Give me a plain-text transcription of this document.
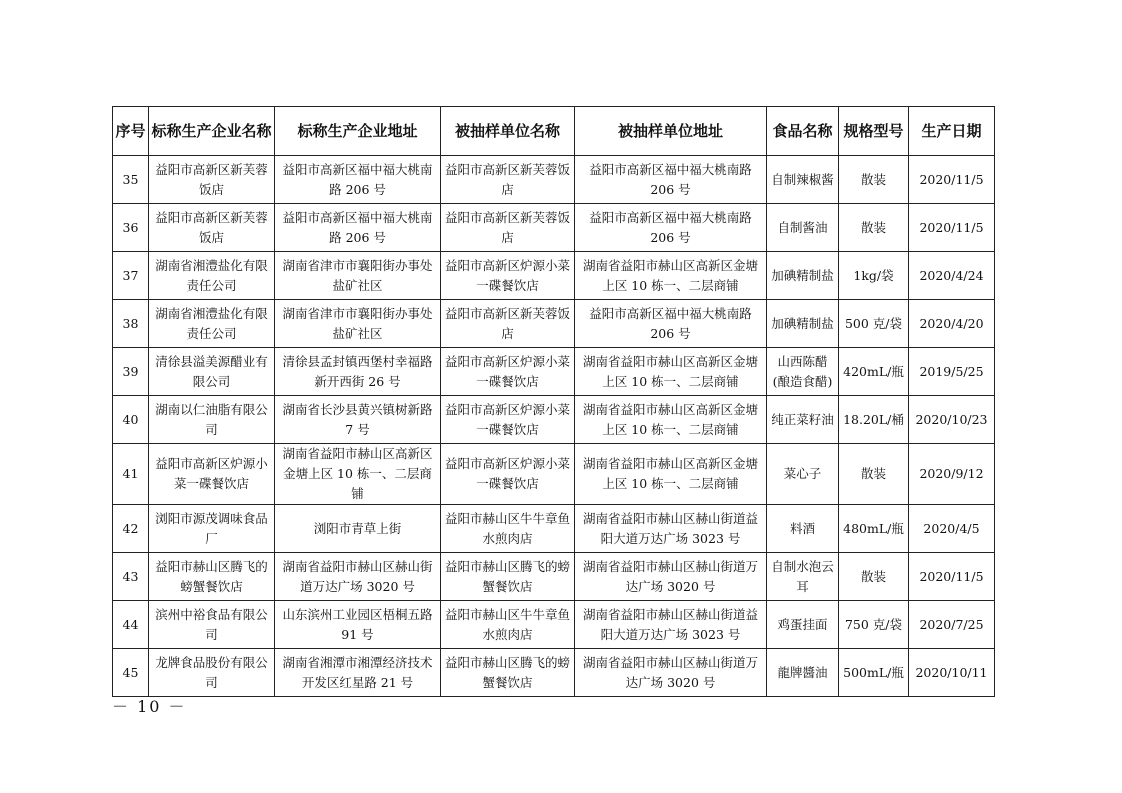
序号	标称生产企业名称	标称生产企业地址	被抽样单位名称	被抽样单位地址	食品名称	规格型号	生产日期

35	益阳市高新区新芙蓉饭店	益阳市高新区福中福大桃南路 206 号	益阳市高新区新芙蓉饭店	益阳市高新区福中福大桃南路 206 号	自制辣椒酱	散装	2020/11/5

36	益阳市高新区新芙蓉饭店	益阳市高新区福中福大桃南路 206 号	益阳市高新区新芙蓉饭店	益阳市高新区福中福大桃南路 206 号	自制酱油	散装	2020/11/5

37	湖南省湘澧盐化有限责任公司	湖南省津市市襄阳街办事处盐矿社区	益阳市高新区炉源小菜一碟餐饮店	湖南省益阳市赫山区高新区金塘上区 10 栋一、二层商铺	加碘精制盐	1kg/袋	2020/4/24

38	湖南省湘澧盐化有限责任公司	湖南省津市市襄阳街办事处盐矿社区	益阳市高新区新芙蓉饭店	益阳市高新区福中福大桃南路 206 号	加碘精制盐	500 克/袋	2020/4/20

39	清徐县溢美源醋业有限公司	清徐县孟封镇西堡村幸福路新开西街 26 号	益阳市高新区炉源小菜一碟餐饮店	湖南省益阳市赫山区高新区金塘上区 10 栋一、二层商铺	山西陈醋(酿造食醋)	420mL/瓶	2019/5/25

40	湖南以仁油脂有限公司	湖南省长沙县黄兴镇树新路 7 号	益阳市高新区炉源小菜一碟餐饮店	湖南省益阳市赫山区高新区金塘上区 10 栋一、二层商铺	纯正菜籽油	18.20L/桶	2020/10/23

41	益阳市高新区炉源小菜一碟餐饮店	湖南省益阳市赫山区高新区金塘上区 10 栋一、二层商铺	益阳市高新区炉源小菜一碟餐饮店	湖南省益阳市赫山区高新区金塘上区 10 栋一、二层商铺	菜心子	散装	2020/9/12

42	浏阳市源茂调味食品厂	浏阳市青草上街	益阳市赫山区牛牛章鱼水煎肉店	湖南省益阳市赫山区赫山街道益阳大道万达广场 3023 号	料酒	480mL/瓶	2020/4/5

43	益阳市赫山区腾飞的螃蟹餐饮店	湖南省益阳市赫山区赫山街道万达广场 3020 号	益阳市赫山区腾飞的螃蟹餐饮店	湖南省益阳市赫山区赫山街道万达广场 3020 号	自制水泡云耳	散装	2020/11/5

44	滨州中裕食品有限公司	山东滨州工业园区梧桐五路 91 号	益阳市赫山区牛牛章鱼水煎肉店	湖南省益阳市赫山区赫山街道益阳大道万达广场 3023 号	鸡蛋挂面	750 克/袋	2020/7/25

45	龙牌食品股份有限公司	湖南省湘潭市湘潭经济技术开发区红星路 21 号	益阳市赫山区腾飞的螃蟹餐饮店	湖南省益阳市赫山区赫山街道万达广场 3020 号	龍牌醬油	500mL/瓶	2020/10/11
－ 10 －
